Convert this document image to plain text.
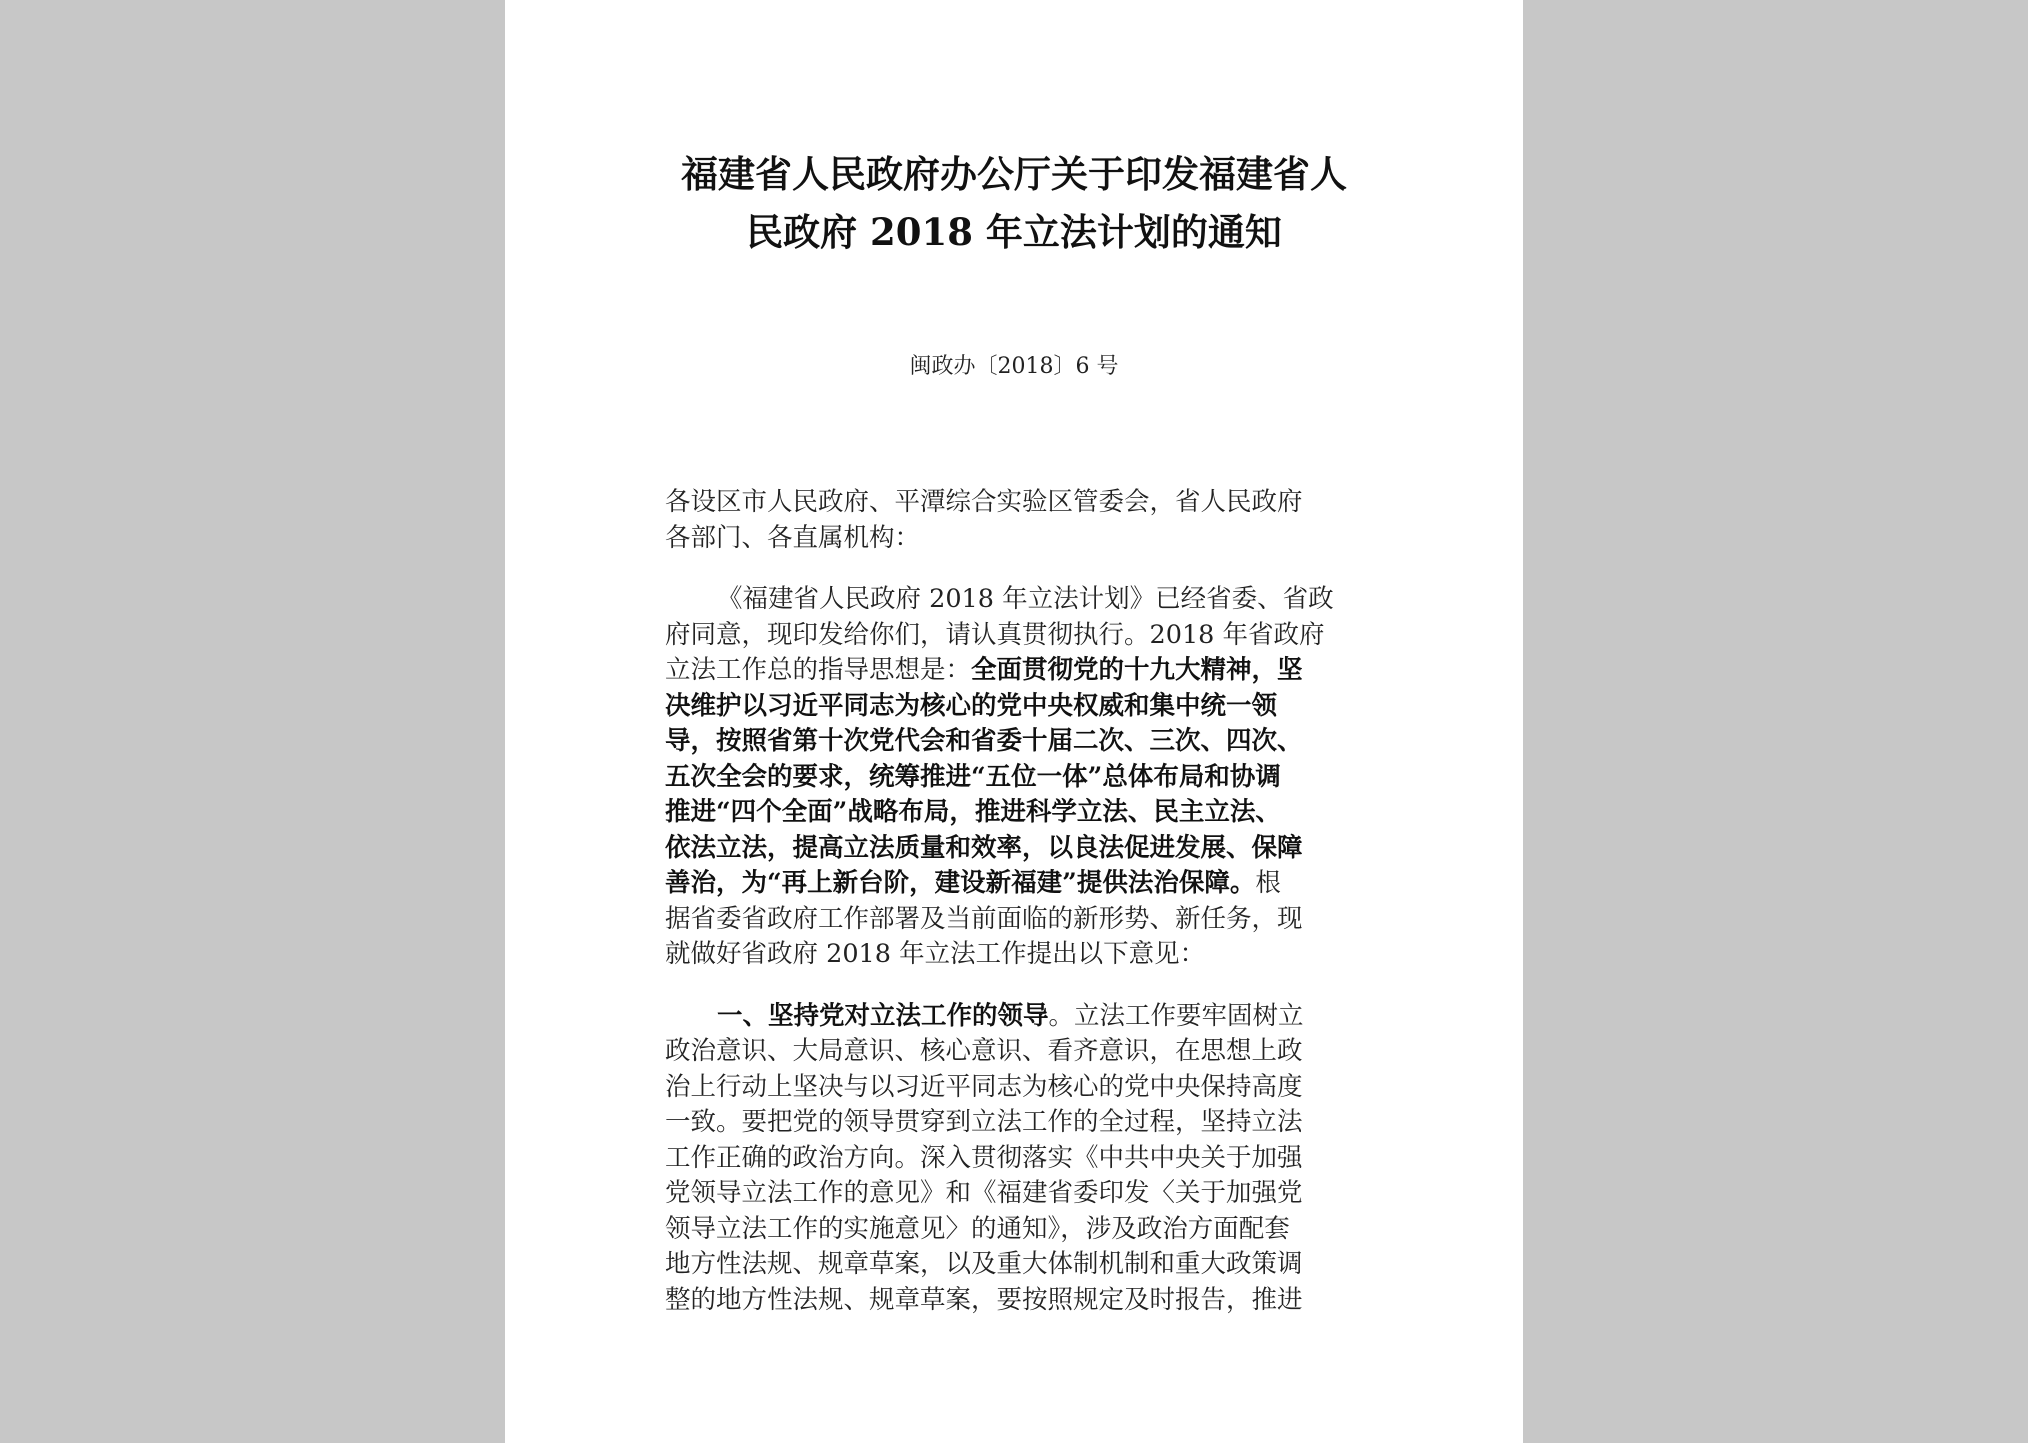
福建省人民政府办公厅关于印发福建省人
民政府 2018 年立法计划的通知
闽政办〔2018〕6 号
各设区市人民政府、平潭综合实验区管委会，省人民政府
各部门、各直属机构：
《福建省人民政府 2018 年立法计划》已经省委、省政
府同意，现印发给你们，请认真贯彻执行。2018 年省政府
立法工作总的指导思想是：全面贯彻党的十九大精神，坚
决维护以习近平同志为核心的党中央权威和集中统一领
导，按照省第十次党代会和省委十届二次、三次、四次、
五次全会的要求，统筹推进“五位一体”总体布局和协调
推进“四个全面”战略布局，推进科学立法、民主立法、
依法立法，提高立法质量和效率，以良法促进发展、保障
善治，为“再上新台阶，建设新福建”提供法治保障。根
据省委省政府工作部署及当前面临的新形势、新任务，现
就做好省政府 2018 年立法工作提出以下意见：
一、坚持党对立法工作的领导。立法工作要牢固树立
政治意识、大局意识、核心意识、看齐意识，在思想上政
治上行动上坚决与以习近平同志为核心的党中央保持高度
一致。要把党的领导贯穿到立法工作的全过程，坚持立法
工作正确的政治方向。深入贯彻落实《中共中央关于加强
党领导立法工作的意见》和《福建省委印发〈关于加强党
领导立法工作的实施意见〉的通知》，涉及政治方面配套
地方性法规、规章草案，以及重大体制机制和重大政策调
整的地方性法规、规章草案，要按照规定及时报告，推进
